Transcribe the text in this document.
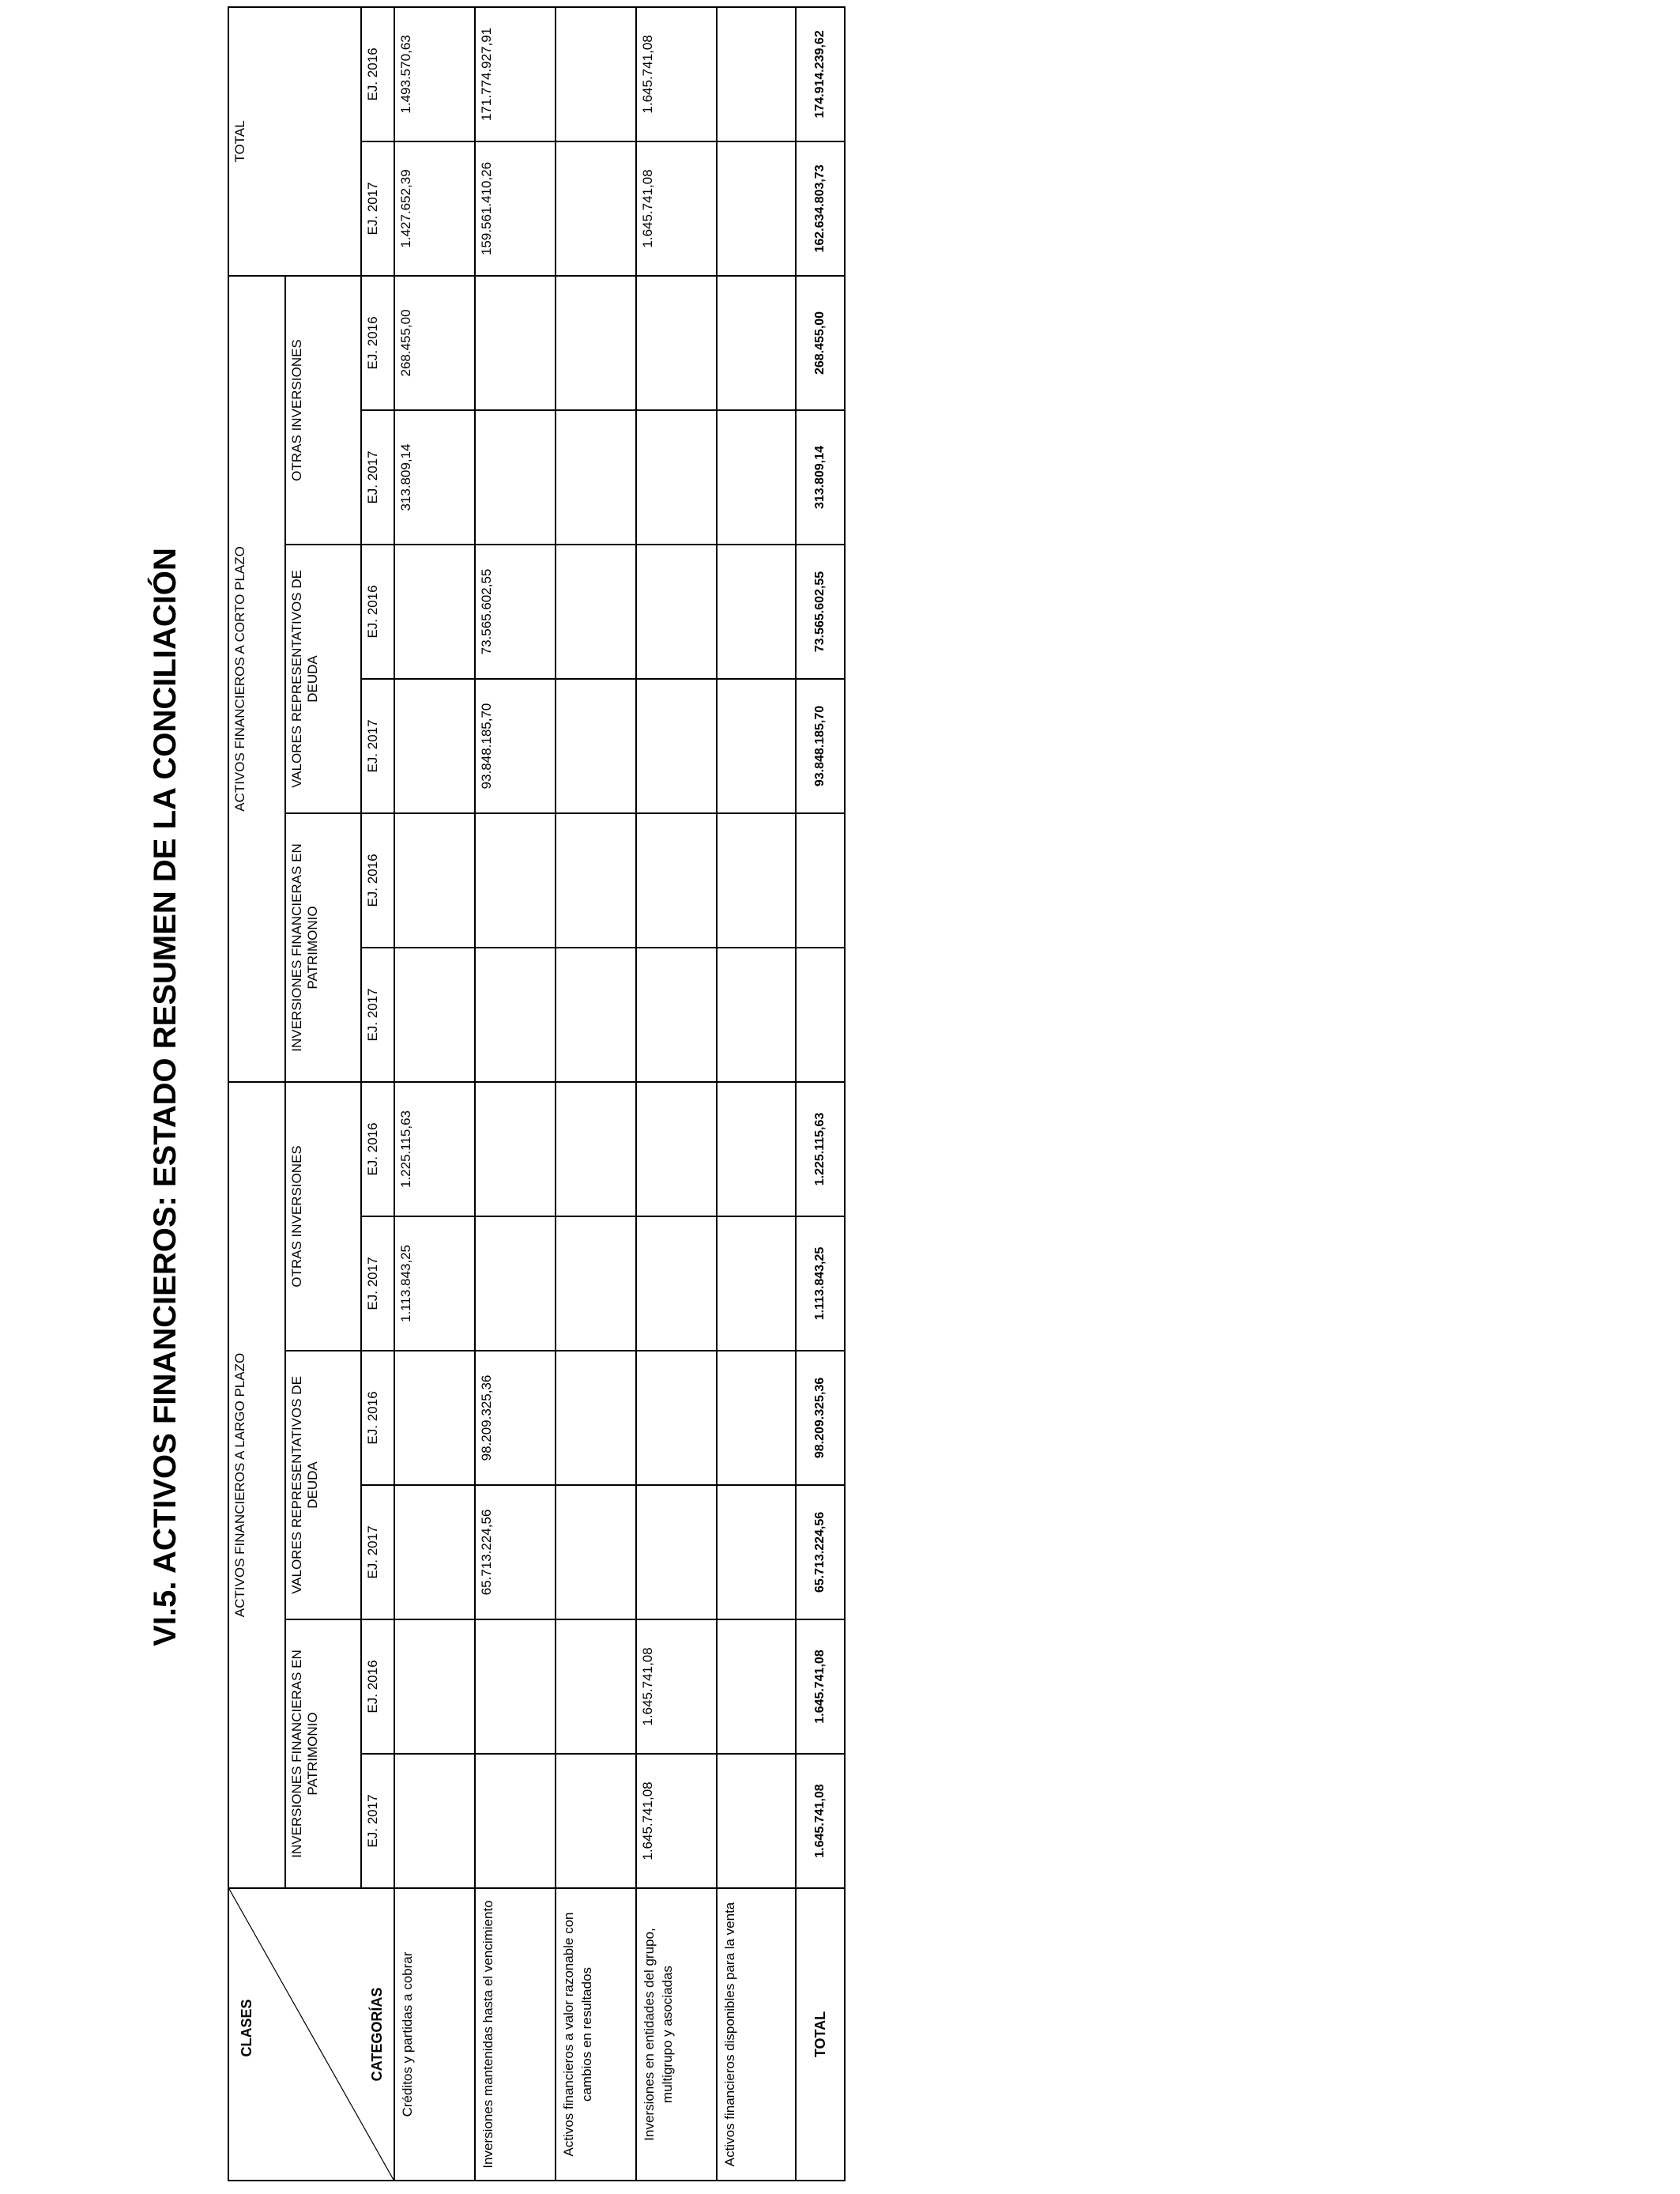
VI.5. ACTIVOS FINANCIEROS: ESTADO RESUMEN DE LA CONCILIACIÓN
CLASES CATEGORÍAS	ACTIVOS FINANCIEROS A LARGO PLAZO						ACTIVOS FINANCIEROS A CORTO PLAZO						TOTAL	
	INVERSIONES FINANCIERAS EN PATRIMONIO		VALORES REPRESENTATIVOS DE DEUDA		OTRAS INVERSIONES		INVERSIONES FINANCIERAS EN PATRIMONIO		VALORES REPRESENTATIVOS DE DEUDA		OTRAS INVERSIONES			
	EJ. 2017	EJ. 2016	EJ. 2017	EJ. 2016	EJ. 2017	EJ. 2016	EJ. 2017	EJ. 2016	EJ. 2017	EJ. 2016	EJ. 2017	EJ. 2016	EJ. 2017	EJ. 2016
Créditos y partidas a cobrar					1.113.843,25	1.225.115,63					313.809,14	268.455,00	1.427.652,39	1.493.570,63
Inversiones mantenidas hasta el vencimiento			65.713.224,56	98.209.325,36					93.848.185,70	73.565.602,55			159.561.410,26	171.774.927,91
Activos financieros a valor razonable con cambios en resultados														
Inversiones en entidades del grupo, multigrupo y asociadas	1.645.741,08	1.645.741,08											1.645.741,08	1.645.741,08
Activos financieros disponibles para la venta														
TOTAL	1.645.741,08	1.645.741,08	65.713.224,56	98.209.325,36	1.113.843,25	1.225.115,63			93.848.185,70	73.565.602,55	313.809,14	268.455,00	162.634.803,73	174.914.239,62
